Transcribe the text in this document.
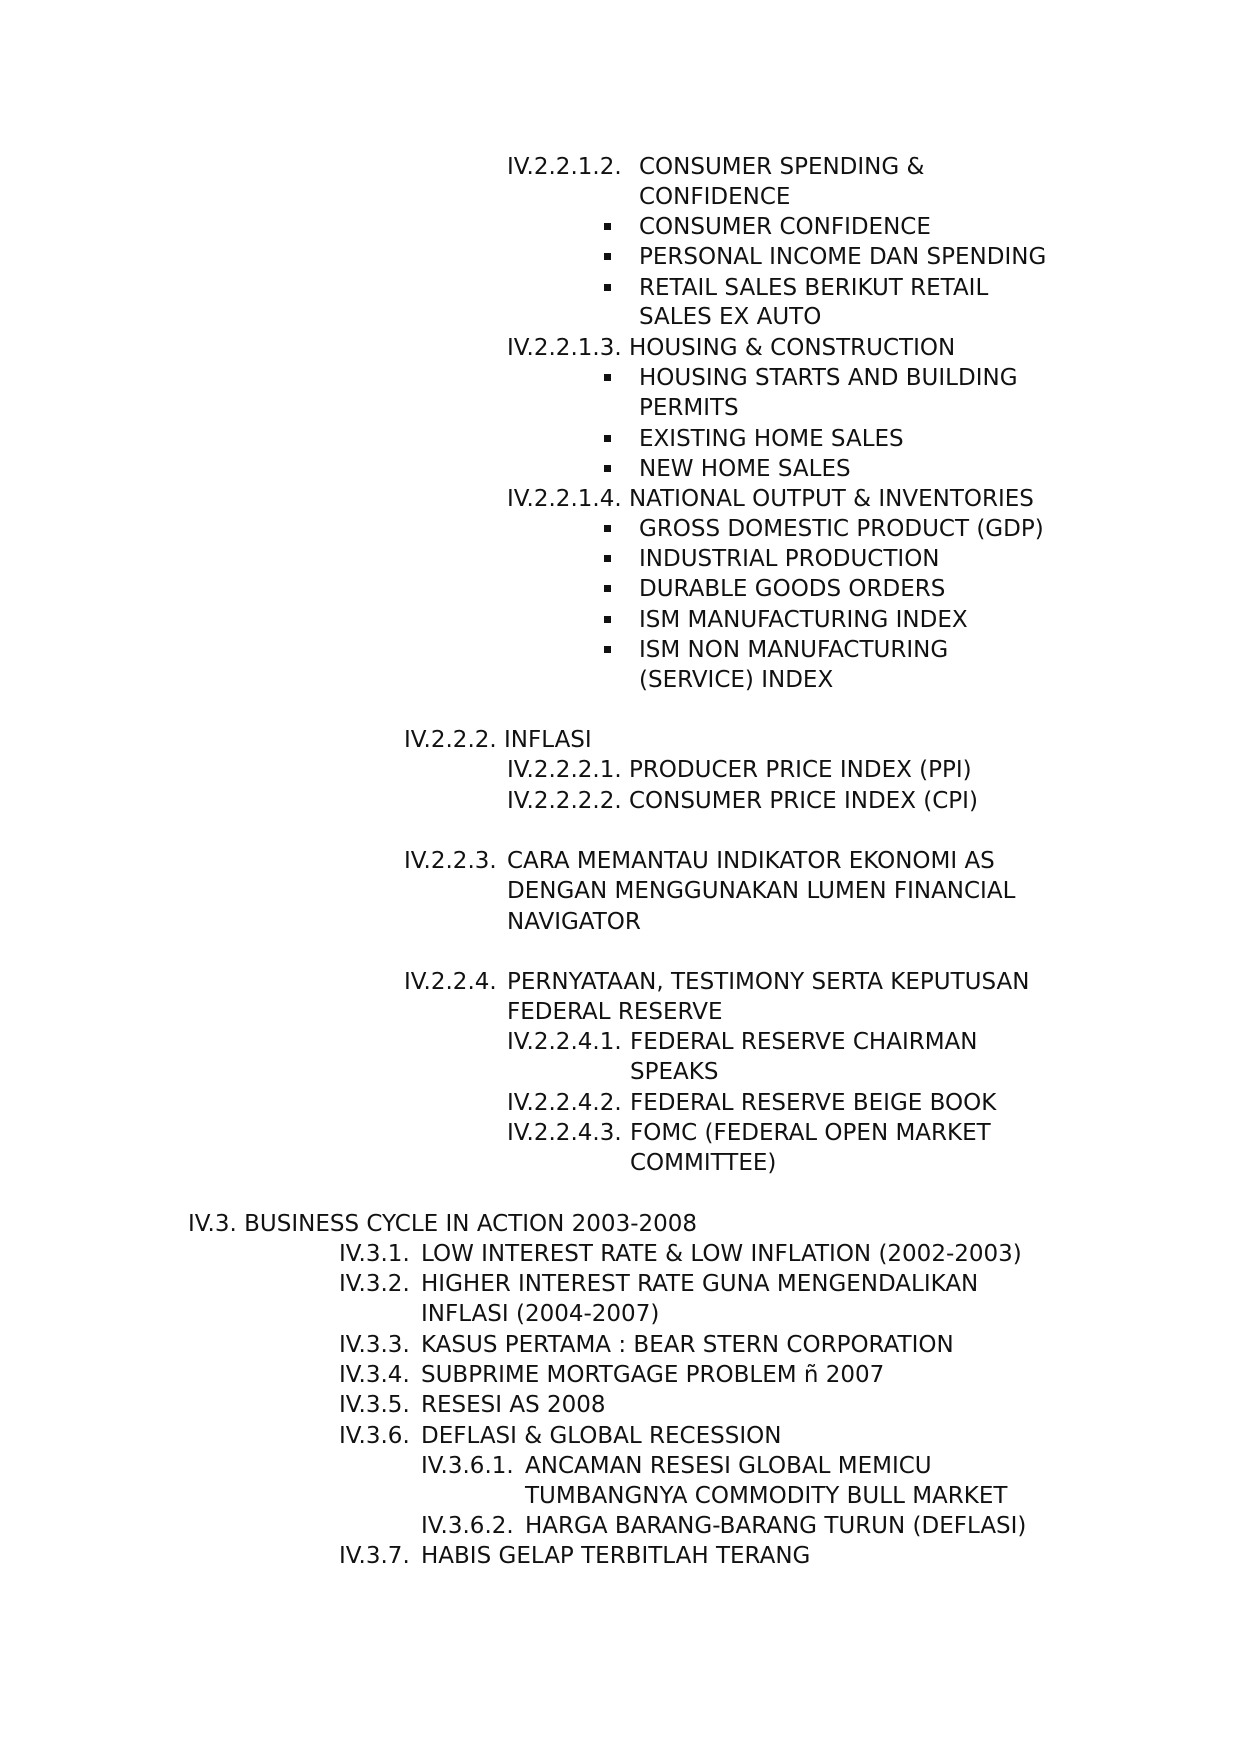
IV.2.2.1.2. CONSUMER SPENDING &
CONFIDENCE
CONSUMER CONFIDENCE
PERSONAL INCOME DAN SPENDING
RETAIL SALES BERIKUT RETAIL
SALES EX AUTO
IV.2.2.1.3. HOUSING & CONSTRUCTION
HOUSING STARTS AND BUILDING
PERMITS
EXISTING HOME SALES
NEW HOME SALES
IV.2.2.1.4. NATIONAL OUTPUT & INVENTORIES
GROSS DOMESTIC PRODUCT (GDP)
INDUSTRIAL PRODUCTION
DURABLE GOODS ORDERS
ISM MANUFACTURING INDEX
ISM NON MANUFACTURING
(SERVICE) INDEX
IV.2.2.2. INFLASI
IV.2.2.2.1. PRODUCER PRICE INDEX (PPI)
IV.2.2.2.2. CONSUMER PRICE INDEX (CPI)
IV.2.2.3. CARA MEMANTAU INDIKATOR EKONOMI AS
DENGAN MENGGUNAKAN LUMEN FINANCIAL
NAVIGATOR
IV.2.2.4. PERNYATAAN, TESTIMONY SERTA KEPUTUSAN
FEDERAL RESERVE
IV.2.2.4.1. FEDERAL RESERVE CHAIRMAN
SPEAKS
IV.2.2.4.2. FEDERAL RESERVE BEIGE BOOK
IV.2.2.4.3. FOMC (FEDERAL OPEN MARKET
COMMITTEE)
IV.3. BUSINESS CYCLE IN ACTION 2003-2008
IV.3.1. LOW INTEREST RATE & LOW INFLATION (2002-2003)
IV.3.2. HIGHER INTEREST RATE GUNA MENGENDALIKAN
INFLASI (2004-2007)
IV.3.3. KASUS PERTAMA : BEAR STERN CORPORATION
IV.3.4. SUBPRIME MORTGAGE PROBLEM ñ 2007
IV.3.5. RESESI AS 2008
IV.3.6. DEFLASI & GLOBAL RECESSION
IV.3.6.1. ANCAMAN RESESI GLOBAL MEMICU
TUMBANGNYA COMMODITY BULL MARKET
IV.3.6.2. HARGA BARANG-BARANG TURUN (DEFLASI)
IV.3.7. HABIS GELAP TERBITLAH TERANG
